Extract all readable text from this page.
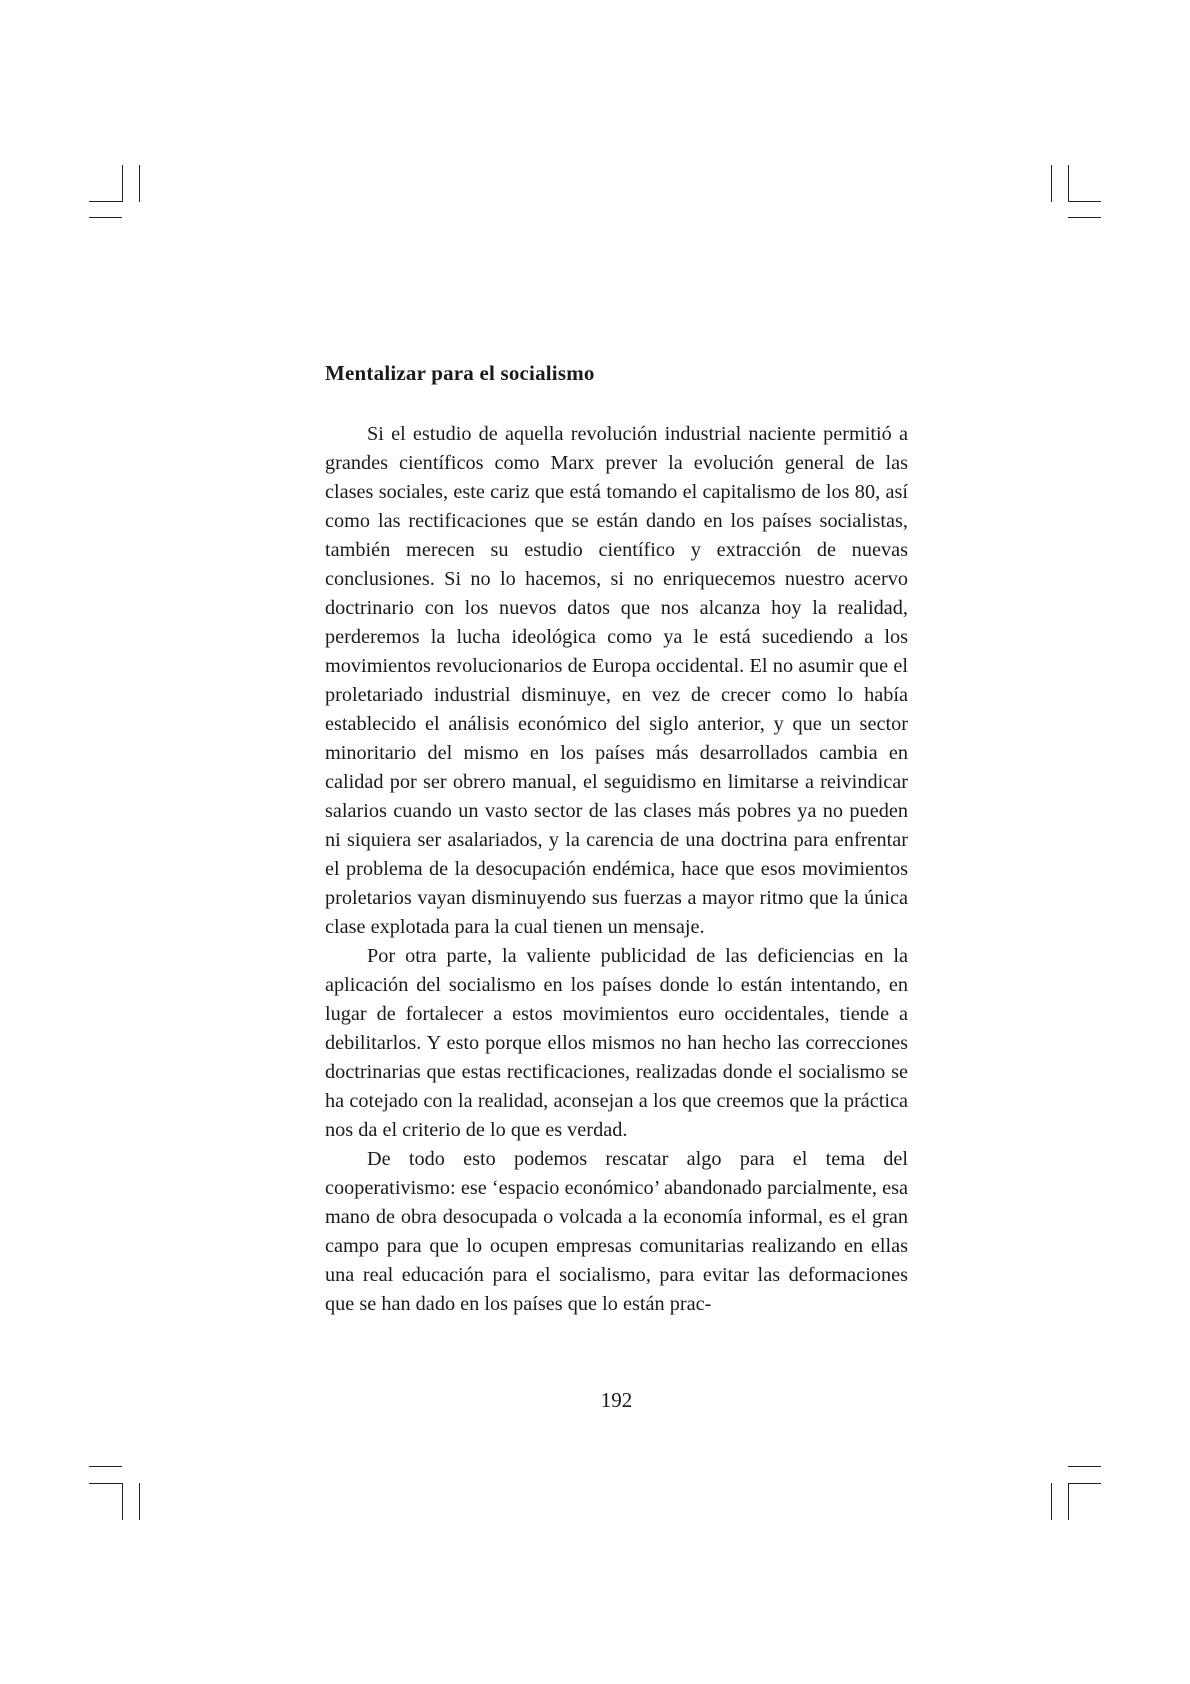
Mentalizar para el socialismo

Si el estudio de aquella revolución industrial naciente permitió a grandes científicos como Marx prever la evolución general de las clases sociales, este cariz que está tomando el capitalismo de los 80, así como las rectificaciones que se están dando en los países socialistas, también merecen su estudio científico y extracción de nuevas conclusiones. Si no lo hacemos, si no enriquecemos nuestro acervo doctrinario con los nuevos datos que nos alcanza hoy la realidad, perderemos la lucha ideológica como ya le está sucediendo a los movimientos revolucionarios de Europa occidental. El no asumir que el proletariado industrial disminuye, en vez de crecer como lo había establecido el análisis económico del siglo anterior, y que un sector minoritario del mismo en los países más desarrollados cambia en calidad por ser obrero manual, el seguidismo en limitarse a reivindicar salarios cuando un vasto sector de las clases más pobres ya no pueden ni siquiera ser asalariados, y la carencia de una doctrina para enfrentar el problema de la desocupación endémica, hace que esos movimientos proletarios vayan disminuyendo sus fuerzas a mayor ritmo que la única clase explotada para la cual tienen un mensaje.

Por otra parte, la valiente publicidad de las deficiencias en la aplicación del socialismo en los países donde lo están intentando, en lugar de fortalecer a estos movimientos euro occidentales, tiende a debilitarlos. Y esto porque ellos mismos no han hecho las correcciones doctrinarias que estas rectificaciones, realizadas donde el socialismo se ha cotejado con la realidad, aconsejan a los que creemos que la práctica nos da el criterio de lo que es verdad.

De todo esto podemos rescatar algo para el tema del cooperativismo: ese ‘espacio económico’ abandonado parcialmente, esa mano de obra desocupada o volcada a la economía informal, es el gran campo para que lo ocupen empresas comunitarias realizando en ellas una real educación para el socialismo, para evitar las deformaciones que se han dado en los países que lo están prac-

192
